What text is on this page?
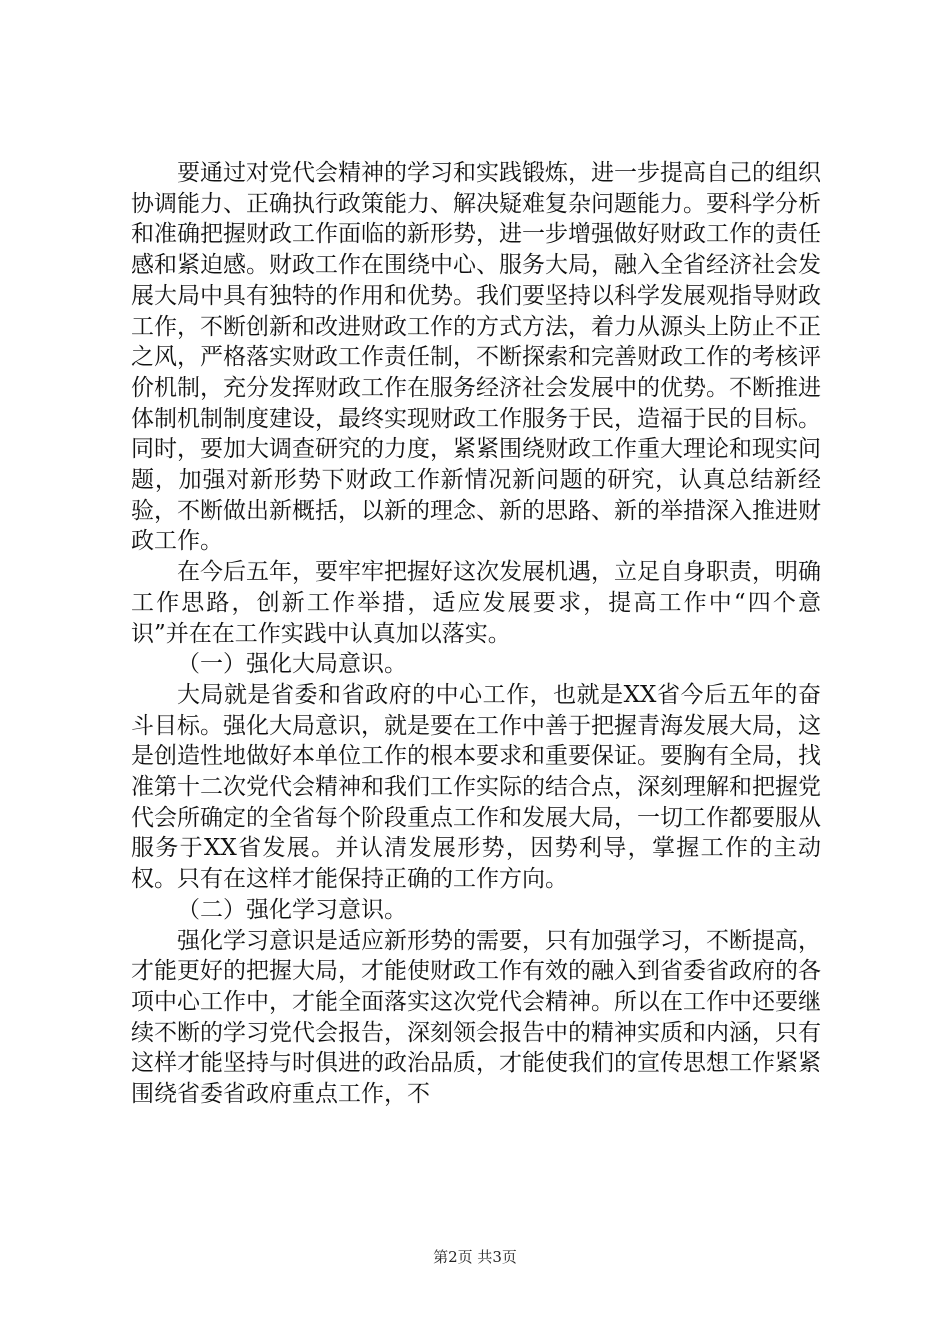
要通过对党代会精神的学习和实践锻炼，进一步提高自己的组织协调能力、正确执行政策能力、解决疑难复杂问题能力。要科学分析和准确把握财政工作面临的新形势，进一步增强做好财政工作的责任感和紧迫感。财政工作在围绕中心、服务大局，融入全省经济社会发展大局中具有独特的作用和优势。我们要坚持以科学发展观指导财政工作，不断创新和改进财政工作的方式方法，着力从源头上防止不正之风，严格落实财政工作责任制，不断探索和完善财政工作的考核评价机制，充分发挥财政工作在服务经济社会发展中的优势。不断推进体制机制制度建设，最终实现财政工作服务于民，造福于民的目标。同时，要加大调查研究的力度，紧紧围绕财政工作重大理论和现实问题，加强对新形势下财政工作新情况新问题的研究，认真总结新经验，不断做出新概括，以新的理念、新的思路、新的举措深入推进财政工作。

在今后五年，要牢牢把握好这次发展机遇，立足自身职责，明确工作思路，创新工作举措，适应发展要求，提高工作中“四个意识”并在在工作实践中认真加以落实。

（一）强化大局意识。

大局就是省委和省政府的中心工作，也就是XX省今后五年的奋斗目标。强化大局意识，就是要在工作中善于把握青海发展大局，这是创造性地做好本单位工作的根本要求和重要保证。要胸有全局，找准第十二次党代会精神和我们工作实际的结合点，深刻理解和把握党代会所确定的全省每个阶段重点工作和发展大局，一切工作都要服从服务于XX省发展。并认清发展形势，因势利导，掌握工作的主动权。只有在这样才能保持正确的工作方向。

（二）强化学习意识。

强化学习意识是适应新形势的需要，只有加强学习，不断提高，才能更好的把握大局，才能使财政工作有效的融入到省委省政府的各项中心工作中，才能全面落实这次党代会精神。所以在工作中还要继续不断的学习党代会报告，深刻领会报告中的精神实质和内涵，只有这样才能坚持与时俱进的政治品质，才能使我们的宣传思想工作紧紧围绕省委省政府重点工作，不

第2页 共3页
